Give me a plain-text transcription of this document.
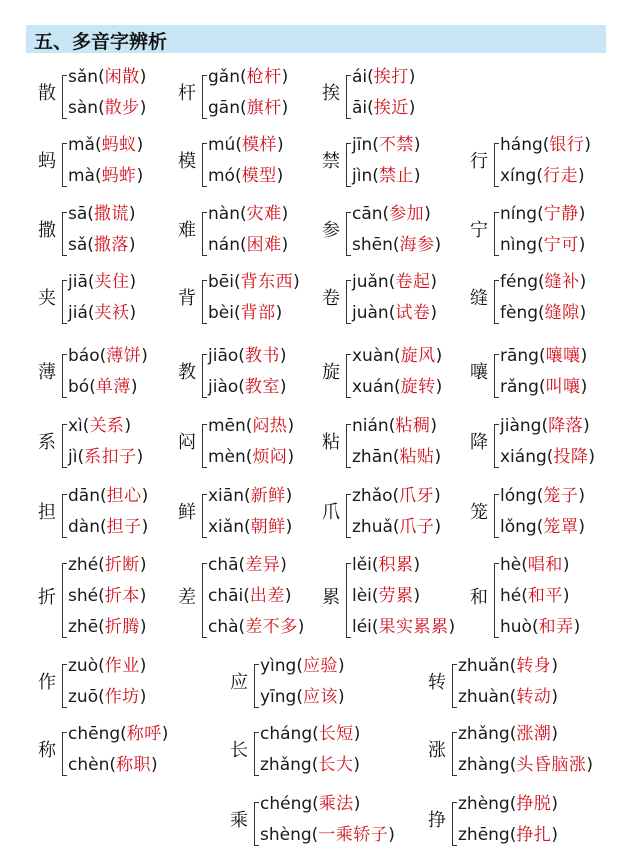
五、多音字辨析
散
sǎn(闲散)
sàn(散步)
杆
gǎn(枪杆)
gān(旗杆)
挨
ái(挨打)
āi(挨近)
蚂
mǎ(蚂蚁)
mà(蚂蚱)
模
mú(模样)
mó(模型)
禁
jīn(不禁)
jìn(禁止)
行
háng(银行)
xíng(行走)
撒
sā(撒谎)
sǎ(撒落)
难
nàn(灾难)
nán(困难)
参
cān(参加)
shēn(海参)
宁
níng(宁静)
nìng(宁可)
夹
jiā(夹住)
jiá(夹袄)
背
bēi(背东西)
bèi(背部)
卷
juǎn(卷起)
juàn(试卷)
缝
féng(缝补)
fèng(缝隙)
薄
báo(薄饼)
bó(单薄)
教
jiāo(教书)
jiào(教室)
旋
xuàn(旋风)
xuán(旋转)
嚷
rāng(嚷嚷)
rǎng(叫嚷)
系
xì(关系)
jì(系扣子)
闷
mēn(闷热)
mèn(烦闷)
粘
nián(粘稠)
zhān(粘贴)
降
jiàng(降落)
xiáng(投降)
担
dān(担心)
dàn(担子)
鲜
xiān(新鲜)
xiǎn(朝鲜)
爪
zhǎo(爪牙)
zhuǎ(爪子)
笼
lóng(笼子)
lǒng(笼罩)
折
zhé(折断)
shé(折本)
zhē(折腾)
差
chā(差异)
chāi(出差)
chà(差不多)
累
lěi(积累)
lèi(劳累)
léi(果实累累)
和
hè(唱和)
hé(和平)
huò(和弄)
作
zuò(作业)
zuō(作坊)
应
yìng(应验)
yīng(应该)
转
zhuǎn(转身)
zhuàn(转动)
称
chēng(称呼)
chèn(称职)
长
cháng(长短)
zhǎng(长大)
涨
zhǎng(涨潮)
zhàng(头昏脑涨)
乘
chéng(乘法)
shèng(一乘轿子)
挣
zhèng(挣脱)
zhēng(挣扎)
